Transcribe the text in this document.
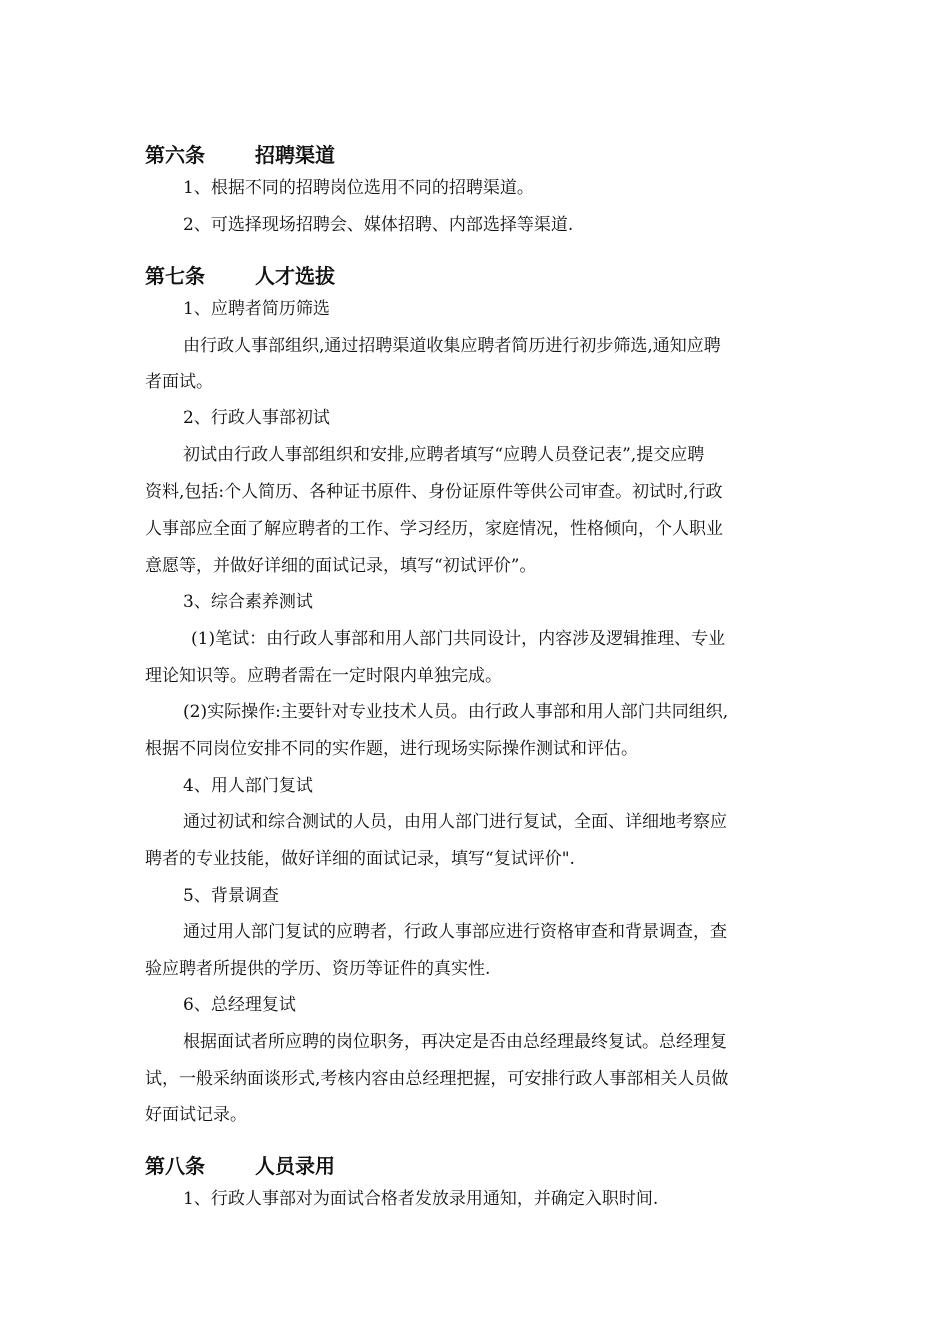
第六条	招聘渠道
1、根据不同的招聘岗位选用不同的招聘渠道。
2、可选择现场招聘会、媒体招聘、内部选择等渠道.
第七条	人才选拔
1、应聘者简历筛选
由行政人事部组织,通过招聘渠道收集应聘者简历进行初步筛选,通知应聘
者面试。
2、行政人事部初试
初试由行政人事部组织和安排,应聘者填写“应聘人员登记表”,提交应聘
资料,包括:个人简历、各种证书原件、身份证原件等供公司审查。初试时,行政
人事部应全面了解应聘者的工作、学习经历，家庭情况，性格倾向，个人职业
意愿等，并做好详细的面试记录，填写“初试评价”。
3、综合素养测试
(1)笔试：由行政人事部和用人部门共同设计，内容涉及逻辑推理、专业
理论知识等。应聘者需在一定时限内单独完成。
(2)实际操作:主要针对专业技术人员。由行政人事部和用人部门共同组织,
根据不同岗位安排不同的实作题，进行现场实际操作测试和评估。
4、用人部门复试
通过初试和综合测试的人员，由用人部门进行复试，全面、详细地考察应
聘者的专业技能，做好详细的面试记录，填写“复试评价".
5、背景调查
通过用人部门复试的应聘者，行政人事部应进行资格审查和背景调查，查
验应聘者所提供的学历、资历等证件的真实性.
6、总经理复试
根据面试者所应聘的岗位职务，再决定是否由总经理最终复试。总经理复
试，一般采纳面谈形式,考核内容由总经理把握，可安排行政人事部相关人员做
好面试记录。
第八条	人员录用
1、行政人事部对为面试合格者发放录用通知，并确定入职时间.
